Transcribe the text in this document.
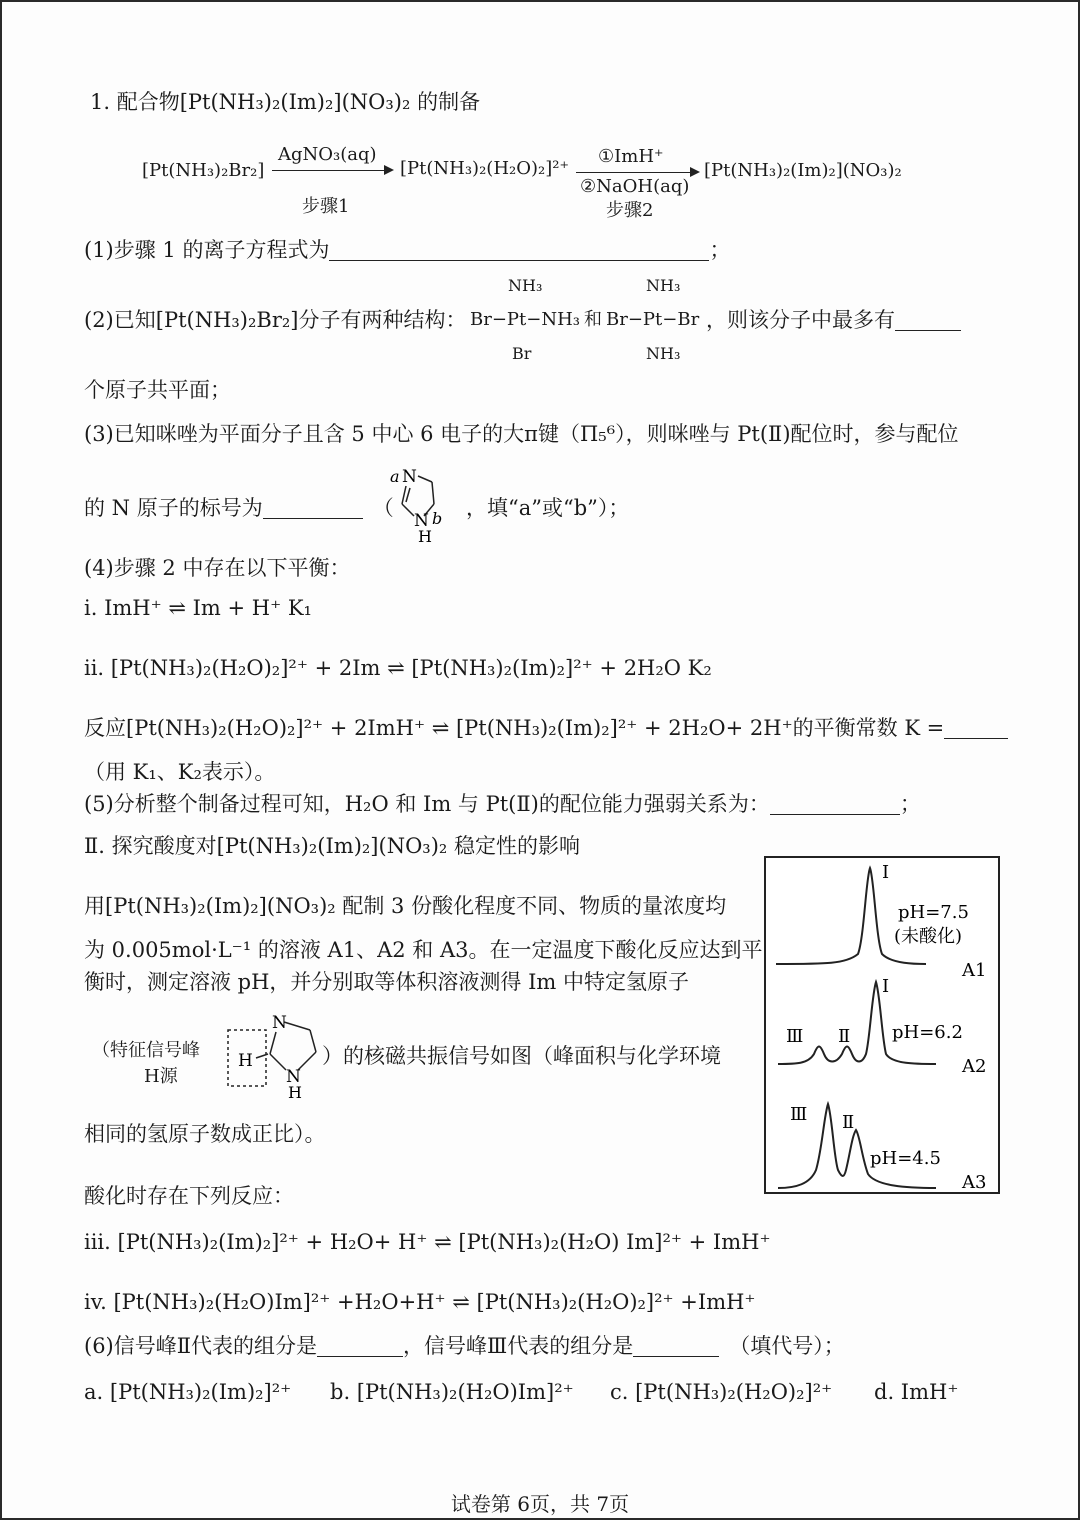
1. 配合物[Pt(NH₃)₂(Im)₂](NO₃)₂ 的制备
[Pt(NH₃)₂Br₂]
AgNO₃(aq)
步骤1
[Pt(NH₃)₂(H₂O)₂]²⁺
①ImH⁺
②NaOH(aq)
步骤2
[Pt(NH₃)₂(Im)₂](NO₃)₂
(1)步骤 1 的离子方程式为	；
(2)已知[Pt(NH₃)₂Br₂]分子有两种结构：
NH₃
Br−Pt−NH₃
Br
和
NH₃
Br−Pt−Br
NH₃
，则该分子中最多有
个原子共平面；
(3)已知咪唑为平面分子且含 5 中心 6 电子的大π键（Π₅⁶），则咪唑与 Pt(Ⅱ)配位时，参与配位
的 N 原子的标号为	（
a N
N b
H
，填“a”或“b”）；
(4)步骤 2 中存在以下平衡：
i. ImH⁺ ⇌ Im + H⁺ K₁
ii. [Pt(NH₃)₂(H₂O)₂]²⁺ + 2Im ⇌ [Pt(NH₃)₂(Im)₂]²⁺ + 2H₂O K₂
反应[Pt(NH₃)₂(H₂O)₂]²⁺ + 2ImH⁺ ⇌ [Pt(NH₃)₂(Im)₂]²⁺ + 2H₂O+ 2H⁺的平衡常数 K =
（用 K₁、K₂表示）。
(5)分析整个制备过程可知，H₂O 和 Im 与 Pt(Ⅱ)的配位能力强弱关系为：	；
Ⅱ. 探究酸度对[Pt(NH₃)₂(Im)₂](NO₃)₂ 稳定性的影响
用[Pt(NH₃)₂(Im)₂](NO₃)₂ 配制 3 份酸化程度不同、物质的量浓度均
为 0.005mol·L⁻¹ 的溶液 A1、A2 和 A3。在一定温度下酸化反应达到平
衡时，测定溶液 pH，并分别取等体积溶液测得 Im 中特定氢原子
（特征信号峰
H源
H
N
N
H
）的核磁共振信号如图（峰面积与化学环境
相同的氢原子数成正比）。
酸化时存在下列反应：
iii. [Pt(NH₃)₂(Im)₂]²⁺ + H₂O+ H⁺ ⇌ [Pt(NH₃)₂(H₂O) Im]²⁺ + ImH⁺
iv. [Pt(NH₃)₂(H₂O)Im]²⁺ +H₂O+H⁺ ⇌ [Pt(NH₃)₂(H₂O)₂]²⁺ +ImH⁺
(6)信号峰Ⅱ代表的组分是	，信号峰Ⅲ代表的组分是	（填代号）；
a. [Pt(NH₃)₂(Im)₂]²⁺ b. [Pt(NH₃)₂(H₂O)Im]²⁺ c. [Pt(NH₃)₂(H₂O)₂]²⁺ d. ImH⁺
I
pH=7.5
(未酸化)
A1
I
Ⅱ
Ⅲ	pH=6.2
A2
Ⅲ Ⅱ
pH=4.5
A3
试卷第 6页，共 7页
